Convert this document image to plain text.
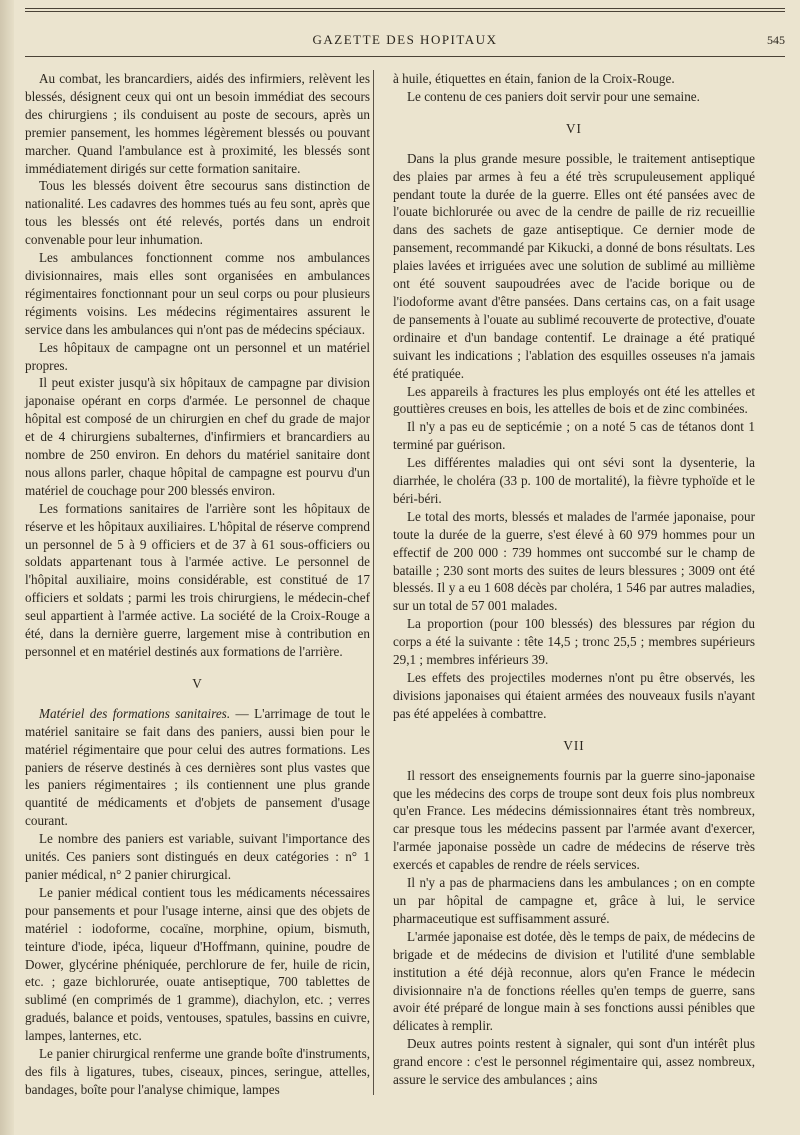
GAZETTE DES HOPITAUX	545

Au combat, les brancardiers, aidés des infirmiers, relèvent les blessés, désignent ceux qui ont un besoin immédiat des secours des chirurgiens ; ils conduisent au poste de secours, après un premier pansement, les hommes légèrement blessés ou pouvant marcher. Quand l'ambulance est à proximité, les blessés sont immédiatement dirigés sur cette formation sanitaire.

Tous les blessés doivent être secourus sans distinction de nationalité. Les cadavres des hommes tués au feu sont, après que tous les blessés ont été relevés, portés dans un endroit convenable pour leur inhumation.

Les ambulances fonctionnent comme nos ambulances divisionnaires, mais elles sont organisées en ambulances régimentaires fonctionnant pour un seul corps ou pour plusieurs régiments voisins. Les médecins régimentaires assurent le service dans les ambulances qui n'ont pas de médecins spéciaux.

Les hôpitaux de campagne ont un personnel et un matériel propres.

Il peut exister jusqu'à six hôpitaux de campagne par division japonaise opérant en corps d'armée. Le personnel de chaque hôpital est composé de un chirurgien en chef du grade de major et de 4 chirurgiens subalternes, d'infirmiers et brancardiers au nombre de 250 environ. En dehors du matériel sanitaire dont nous allons parler, chaque hôpital de campagne est pourvu d'un matériel de couchage pour 200 blessés environ.

Les formations sanitaires de l'arrière sont les hôpitaux de réserve et les hôpitaux auxiliaires. L'hôpital de réserve comprend un personnel de 5 à 9 officiers et de 37 à 61 sous-officiers ou soldats appartenant tous à l'armée active. Le personnel de l'hôpital auxiliaire, moins considérable, est constitué de 17 officiers et soldats ; parmi les trois chirurgiens, le médecin-chef seul appartient à l'armée active. La société de la Croix-Rouge a été, dans la dernière guerre, largement mise à contribution en personnel et en matériel destinés aux formations de l'arrière.

V

Matériel des formations sanitaires. — L'arrimage de tout le matériel sanitaire se fait dans des paniers, aussi bien pour le matériel régimentaire que pour celui des autres formations. Les paniers de réserve destinés à ces dernières sont plus vastes que les paniers régimentaires ; ils contiennent une plus grande quantité de médicaments et d'objets de pansement d'usage courant.

Le nombre des paniers est variable, suivant l'importance des unités. Ces paniers sont distingués en deux catégories : n° 1 panier médical, n° 2 panier chirurgical.

Le panier médical contient tous les médicaments nécessaires pour pansements et pour l'usage interne, ainsi que des objets de matériel : iodoforme, cocaïne, morphine, opium, bismuth, teinture d'iode, ipéca, liqueur d'Hoffmann, quinine, poudre de Dower, glycérine phéniquée, perchlorure de fer, huile de ricin, etc. ; gaze bichlorurée, ouate antiseptique, 700 tablettes de sublimé (en comprimés de 1 gramme), diachylon, etc. ; verres gradués, balance et poids, ventouses, spatules, bassins en cuivre, lampes, lanternes, etc.

Le panier chirurgical renferme une grande boîte d'instruments, des fils à ligatures, tubes, ciseaux, pinces, seringue, attelles, bandages, boîte pour l'analyse chimique, lampes

à huile, étiquettes en étain, fanion de la Croix-Rouge.

Le contenu de ces paniers doit servir pour une semaine.

VI

Dans la plus grande mesure possible, le traitement antiseptique des plaies par armes à feu a été très scrupuleusement appliqué pendant toute la durée de la guerre. Elles ont été pansées avec de l'ouate bichlorurée ou avec de la cendre de paille de riz recueillie dans des sachets de gaze antiseptique. Ce dernier mode de pansement, recommandé par Kikucki, a donné de bons résultats. Les plaies lavées et irriguées avec une solution de sublimé au millième ont été souvent saupoudrées avec de l'acide borique ou de l'iodoforme avant d'être pansées. Dans certains cas, on a fait usage de pansements à l'ouate au sublimé recouverte de protective, d'ouate ordinaire et d'un bandage contentif. Le drainage a été pratiqué suivant les indications ; l'ablation des esquilles osseuses n'a jamais été pratiquée.

Les appareils à fractures les plus employés ont été les attelles et gouttières creuses en bois, les attelles de bois et de zinc combinées.

Il n'y a pas eu de septicémie ; on a noté 5 cas de tétanos dont 1 terminé par guérison.

Les différentes maladies qui ont sévi sont la dysenterie, la diarrhée, le choléra (33 p. 100 de mortalité), la fièvre typhoïde et le béri-béri.

Le total des morts, blessés et malades de l'armée japonaise, pour toute la durée de la guerre, s'est élevé à 60 979 hommes pour un effectif de 200 000 : 739 hommes ont succombé sur le champ de bataille ; 230 sont morts des suites de leurs blessures ; 3009 ont été blessés. Il y a eu 1 608 décès par choléra, 1 546 par autres maladies, sur un total de 57 001 malades.

La proportion (pour 100 blessés) des blessures par région du corps a été la suivante : tête 14,5 ; tronc 25,5 ; membres supérieurs 29,1 ; membres inférieurs 39.

Les effets des projectiles modernes n'ont pu être observés, les divisions japonaises qui étaient armées des nouveaux fusils n'ayant pas été appelées à combattre.

VII

Il ressort des enseignements fournis par la guerre sino-japonaise que les médecins des corps de troupe sont deux fois plus nombreux qu'en France. Les médecins démissionnaires étant très nombreux, car presque tous les médecins passent par l'armée avant d'exercer, l'armée japonaise possède un cadre de médecins de réserve très exercés et capables de rendre de réels services.

Il n'y a pas de pharmaciens dans les ambulances ; on en compte un par hôpital de campagne et, grâce à lui, le service pharmaceutique est suffisamment assuré.

L'armée japonaise est dotée, dès le temps de paix, de médecins de brigade et de médecins de division et l'utilité d'une semblable institution a été déjà reconnue, alors qu'en France le médecin divisionnaire n'a de fonctions réelles qu'en temps de guerre, sans avoir été préparé de longue main à ses fonctions aussi pénibles que délicates à remplir.

Deux autres points restent à signaler, qui sont d'un intérêt plus grand encore : c'est le personnel régimentaire qui, assez nombreux, assure le service des ambulances ; ains
